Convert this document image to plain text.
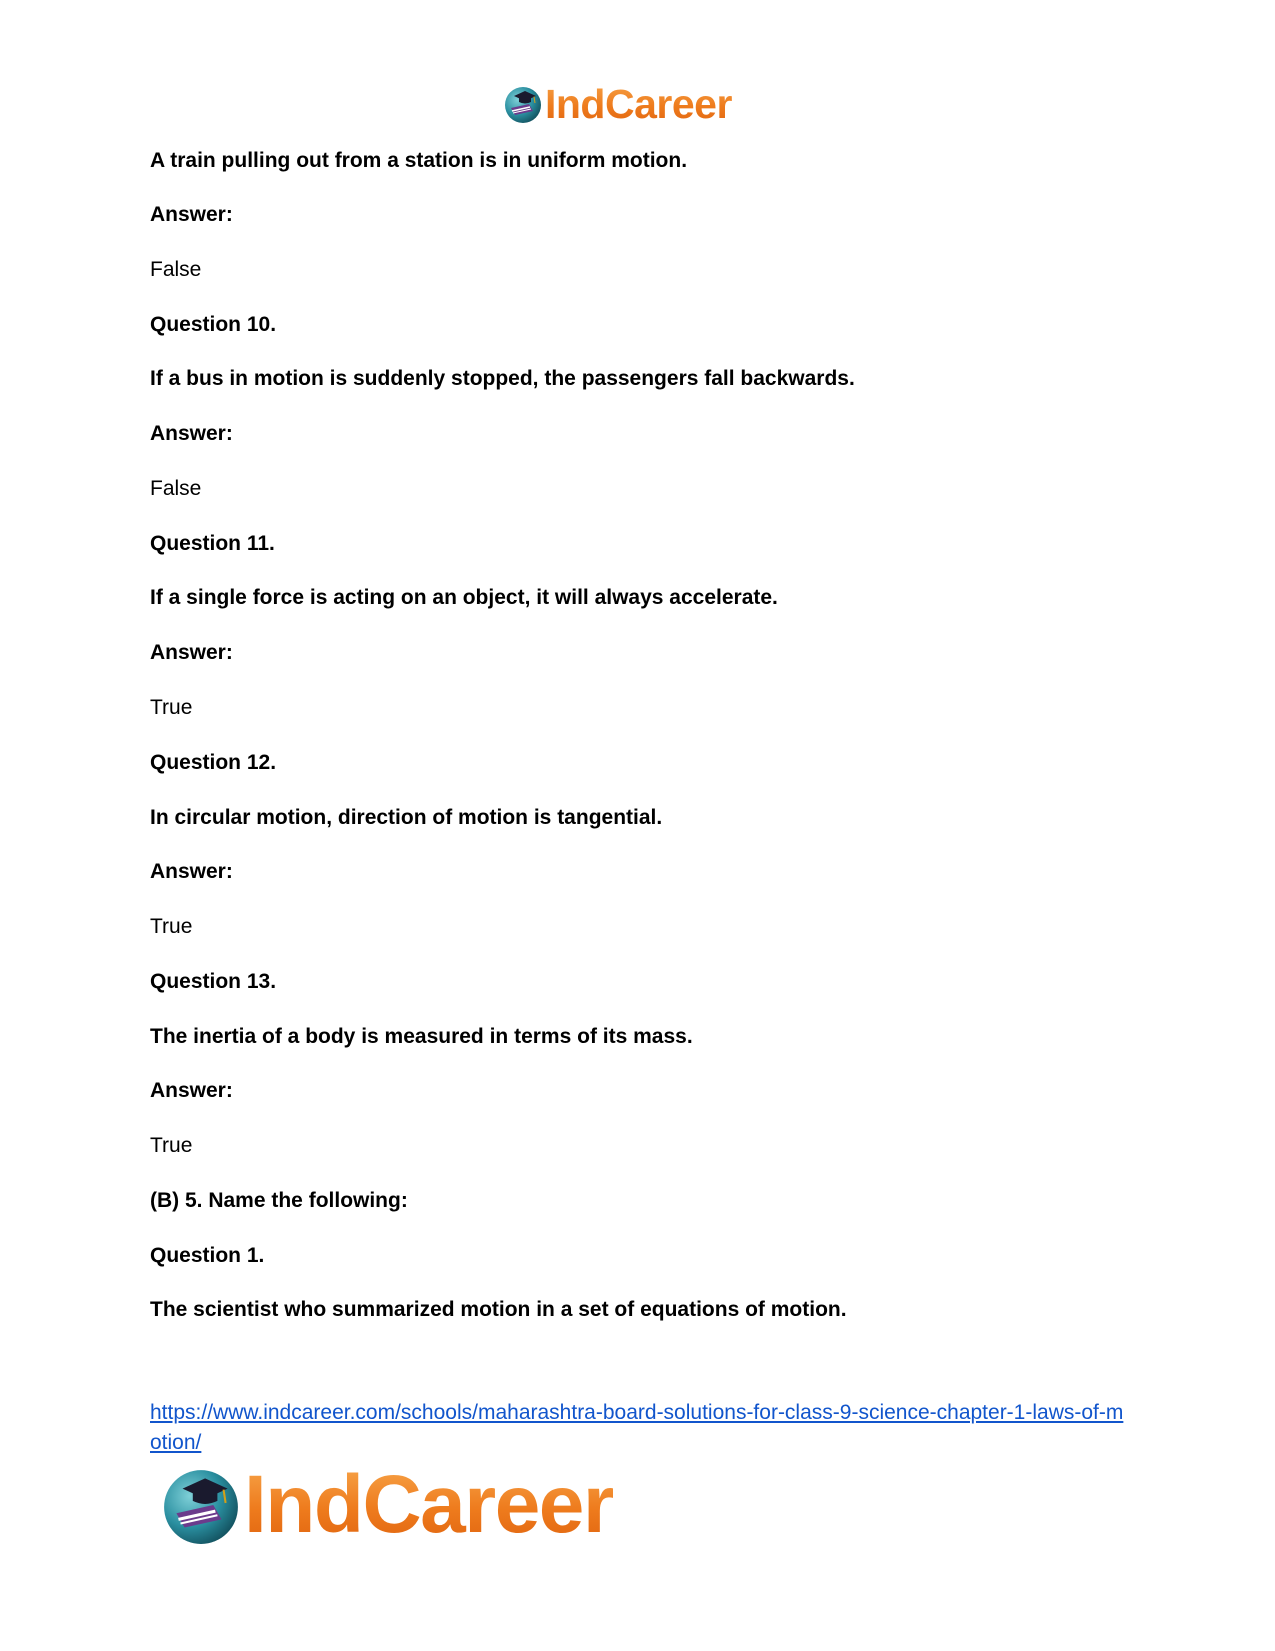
IndCareer
A train pulling out from a station is in uniform motion.
Answer:
False
Question 10.
If a bus in motion is suddenly stopped, the passengers fall backwards.
Answer:
False
Question 11.
If a single force is acting on an object, it will always accelerate.
Answer:
True
Question 12.
In circular motion, direction of motion is tangential.
Answer:
True
Question 13.
The inertia of a body is measured in terms of its mass.
Answer:
True
(B) 5. Name the following:
Question 1.
The scientist who summarized motion in a set of equations of motion.
https://www.indcareer.com/schools/maharashtra-board-solutions-for-class-9-science-chapter-1-laws-of-motion/
IndCareer
